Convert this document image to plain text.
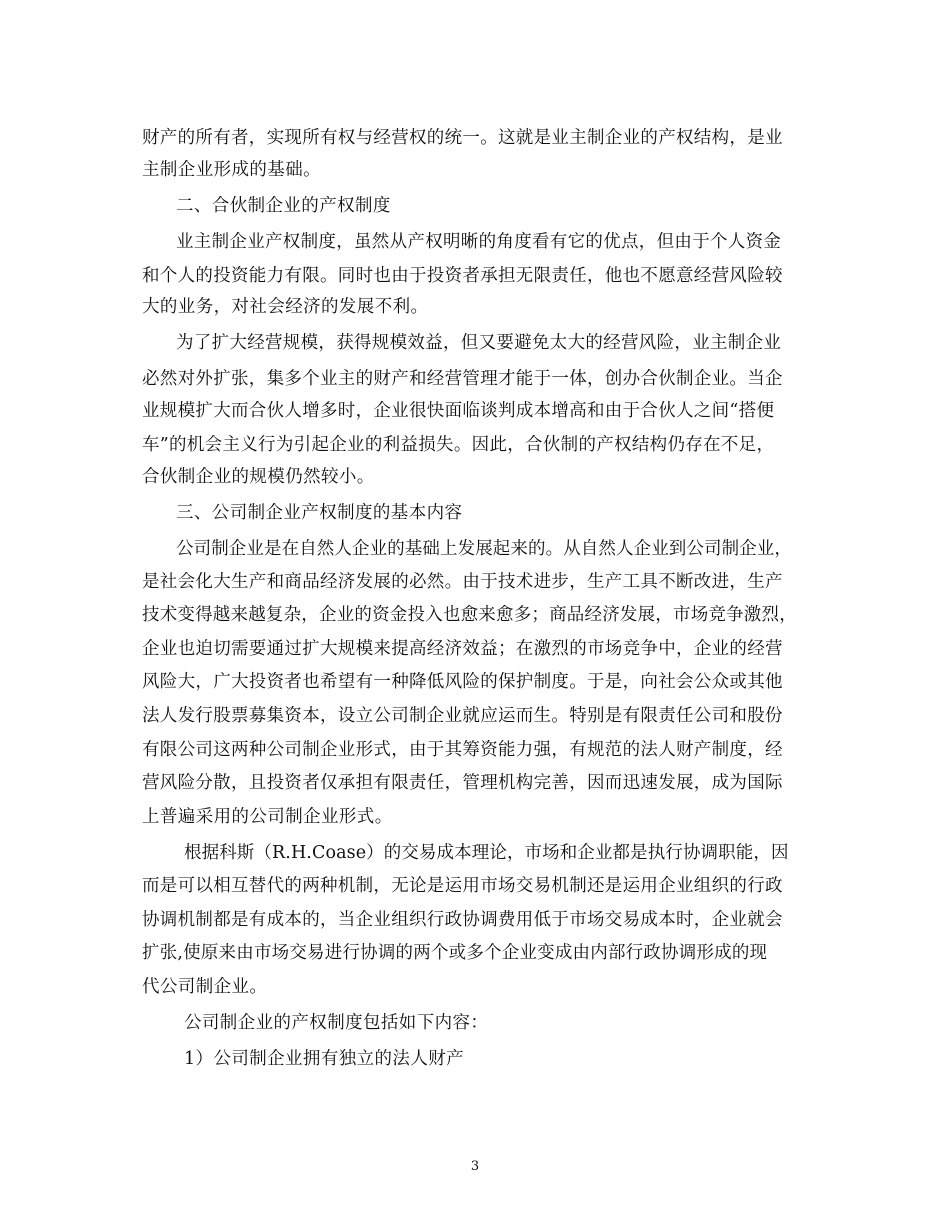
财产的所有者，实现所有权与经营权的统一。这就是业主制企业的产权结构，是业
主制企业形成的基础。
二、合伙制企业的产权制度
业主制企业产权制度，虽然从产权明晰的角度看有它的优点，但由于个人资金
和个人的投资能力有限。同时也由于投资者承担无限责任，他也不愿意经营风险较
大的业务，对社会经济的发展不利。
为了扩大经营规模，获得规模效益，但又要避免太大的经营风险，业主制企业
必然对外扩张，集多个业主的财产和经营管理才能于一体，创办合伙制企业。当企
业规模扩大而合伙人增多时，企业很快面临谈判成本增高和由于合伙人之间“搭便
车”的机会主义行为引起企业的利益损失。因此，合伙制的产权结构仍存在不足，
合伙制企业的规模仍然较小。
三、公司制企业产权制度的基本内容
公司制企业是在自然人企业的基础上发展起来的。从自然人企业到公司制企业，
是社会化大生产和商品经济发展的必然。由于技术进步，生产工具不断改进，生产
技术变得越来越复杂，企业的资金投入也愈来愈多；商品经济发展，市场竞争激烈，
企业也迫切需要通过扩大规模来提高经济效益；在激烈的市场竞争中，企业的经营
风险大，广大投资者也希望有一种降低风险的保护制度。于是，向社会公众或其他
法人发行股票募集资本，设立公司制企业就应运而生。特别是有限责任公司和股份
有限公司这两种公司制企业形式，由于其筹资能力强，有规范的法人财产制度，经
营风险分散，且投资者仅承担有限责任，管理机构完善，因而迅速发展，成为国际
上普遍采用的公司制企业形式。
根据科斯（R.H.Coase）的交易成本理论，市场和企业都是执行协调职能，因
而是可以相互替代的两种机制，无论是运用市场交易机制还是运用企业组织的行政
协调机制都是有成本的，当企业组织行政协调费用低于市场交易成本时，企业就会
扩张,使原来由市场交易进行协调的两个或多个企业变成由内部行政协调形成的现
代公司制企业。
公司制企业的产权制度包括如下内容：
1）公司制企业拥有独立的法人财产
3
